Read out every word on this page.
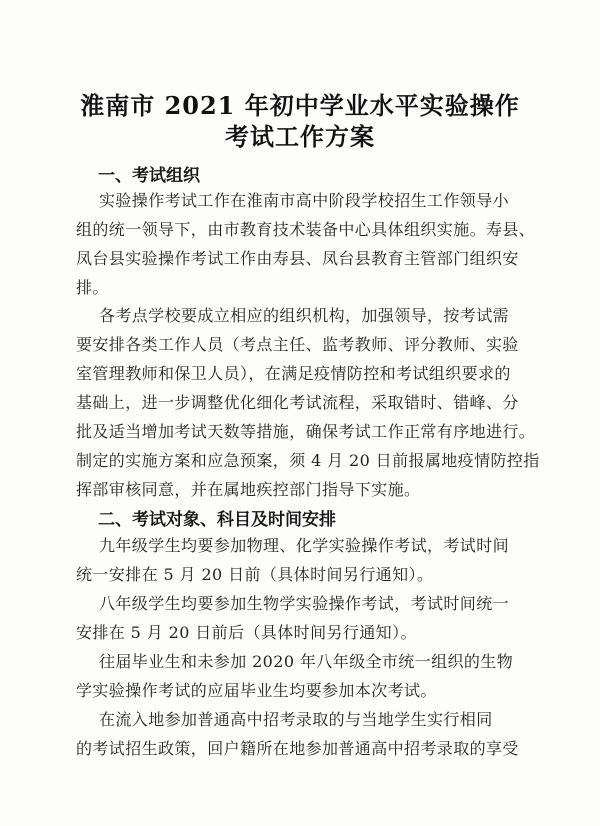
淮南市 2021 年初中学业水平实验操作
考试工作方案
一、考试组织
实验操作考试工作在淮南市高中阶段学校招生工作领导小
组的统一领导下，由市教育技术装备中心具体组织实施。寿县、
凤台县实验操作考试工作由寿县、凤台县教育主管部门组织安
排。
各考点学校要成立相应的组织机构，加强领导，按考试需
要安排各类工作人员（考点主任、监考教师、评分教师、实验
室管理教师和保卫人员），在满足疫情防控和考试组织要求的
基础上，进一步调整优化细化考试流程，采取错时、错峰、分
批及适当增加考试天数等措施，确保考试工作正常有序地进行。
制定的实施方案和应急预案，须 4 月 20 日前报属地疫情防控指
挥部审核同意，并在属地疾控部门指导下实施。
二、考试对象、科目及时间安排
九年级学生均要参加物理、化学实验操作考试，考试时间
统一安排在 5 月 20 日前（具体时间另行通知）。
八年级学生均要参加生物学实验操作考试，考试时间统一
安排在 5 月 20 日前后（具体时间另行通知）。
往届毕业生和未参加 2020 年八年级全市统一组织的生物
学实验操作考试的应届毕业生均要参加本次考试。
在流入地参加普通高中招考录取的与当地学生实行相同
的考试招生政策，回户籍所在地参加普通高中招考录取的享受
